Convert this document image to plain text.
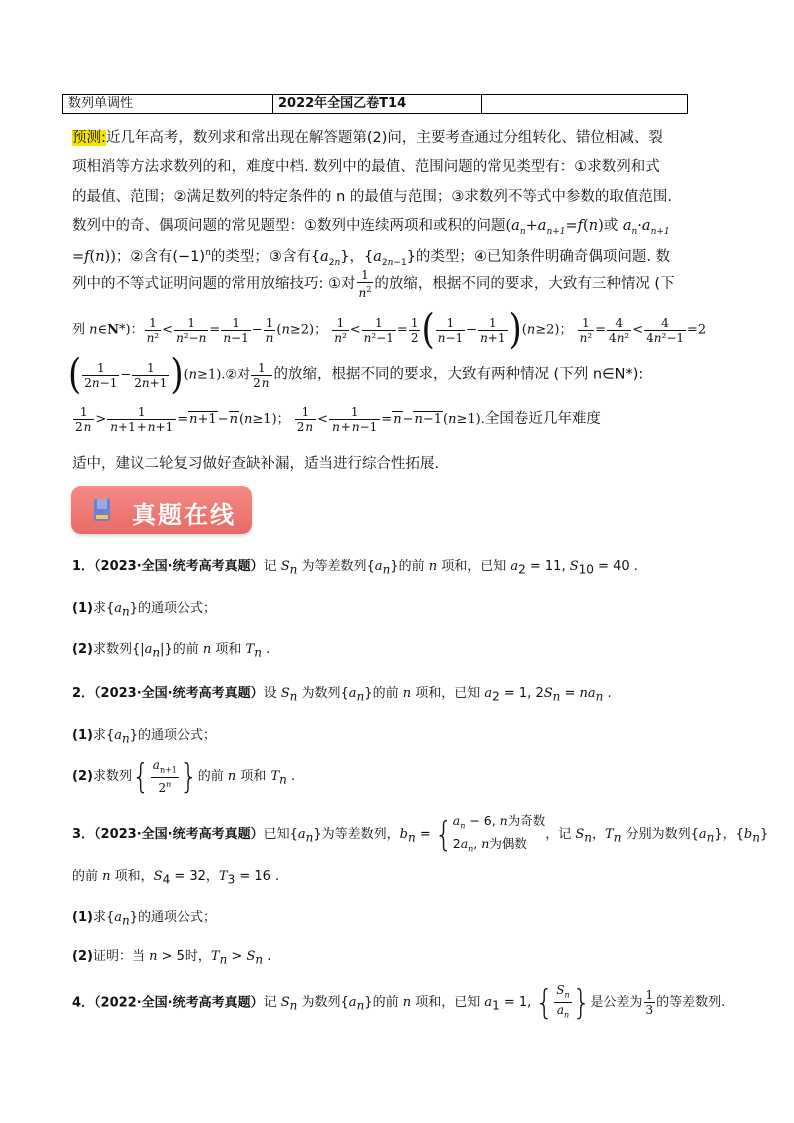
数列单调性	2022年全国乙卷T14
预测:近几年高考，数列求和常出现在解答题第(2)问，主要考查通过分组转化、错位相减、裂
项相消等方法求数列的和，难度中档. 数列中的最值、范围问题的常见类型有：①求数列和式
的最值、范围；②满足数列的特定条件的 n 的最值与范围；③求数列不等式中参数的取值范围.
数列中的奇、偶项问题的常见题型：①数列中连续两项和或积的问题($a_n+a_{n+1}=f(n)$或 $a_n\cdot a_{n+1}$
=f(n))；②含有$(-1)^n$的类型；③含有$\{a_{2n}\}$，$\{a_{2n-1}\}$的类型；④已知条件明确奇偶项问题. 数
列中的不等式证明问题的常用放缩技巧: ①对 $\frac{1}{n^2}$ 的放缩，根据不同的要求，大致有三种情况 (下
列 n∈N*)： $\frac{1}{\text{n²}} < \frac{1}{\text{n²−n}} = \frac{1}{n-1} - \frac{1}{n} (n\ge 2)$； $\frac{1}{\text{n²}} < \frac{1}{\text{n²−1}} = \frac{1}{2}$ ( $\frac{1}{n-1} - \frac{1}{n+1} )(n\ge 2)$； $\frac{1}{\text{n²}} = \frac{4}{\text{4n²}} < \frac{4}{\text{4n²−1}} =2$
( $\frac{1}{2n-1} - \frac{1}{2n+1}$ )(n≥1).②对 $\frac{1}{2n}$ 的放缩，根据不同的要求，大致有两种情况 (下列 n∈N*):
$\frac{1}{2n} > \frac{1}{n+1+n+1} =n+1-n(n\ge 1)$； $\frac{1}{2n} < \frac{1}{n+n-1} =n-n-1(n\ge 1)$.全国卷近几年难度
适中，建议二轮复习做好查缺补漏，适当进行综合性拓展.
真题在线
1．（2023·全国·统考高考真题）记 $S_n$ 为等差数列$\{a_n\}$的前 n 项和，已知 $a_2 = 11$, $S_{10} = 40$ .
(1)求$\{a_n\}$的通项公式；
(2)求数列$\{|a_n|\}$的前 n 项和 $T_n$ .
2．（2023·全国·统考高考真题）设 $S_n$ 为数列$\{a_n\}$的前 n 项和，已知 $a_2 = 1$, $2S_n = na_n$ .
(1)求$\{a_n\}$的通项公式；
(2)求数列{ $\frac{a_{n+1}}{2^n}$ }的前 n 项和 $T_n$ .
3．（2023·全国·统考高考真题）已知$\{a_n\}$为等差数列，$b_n = \{a_n - 6$, n为奇数
$2a_n$, n为偶数，记 $S_n$，$T_n$ 分别为数列$\{a_n\}$，$\{b_n\}$
的前 n 项和，$S_4 = 32$，$T_3 = 16$ .
(1)求$\{a_n\}$的通项公式；
(2)证明：当 n > 5时，$T_n > S_n$ .
4．（2022·全国·统考高考真题）记 $S_n$ 为数列$\{a_n\}$的前 n 项和，已知 $a_1 = 1$, { $\frac{S_n}{a_n}$ }是公差为 $\frac{1}{3}$ 的等差数列.
